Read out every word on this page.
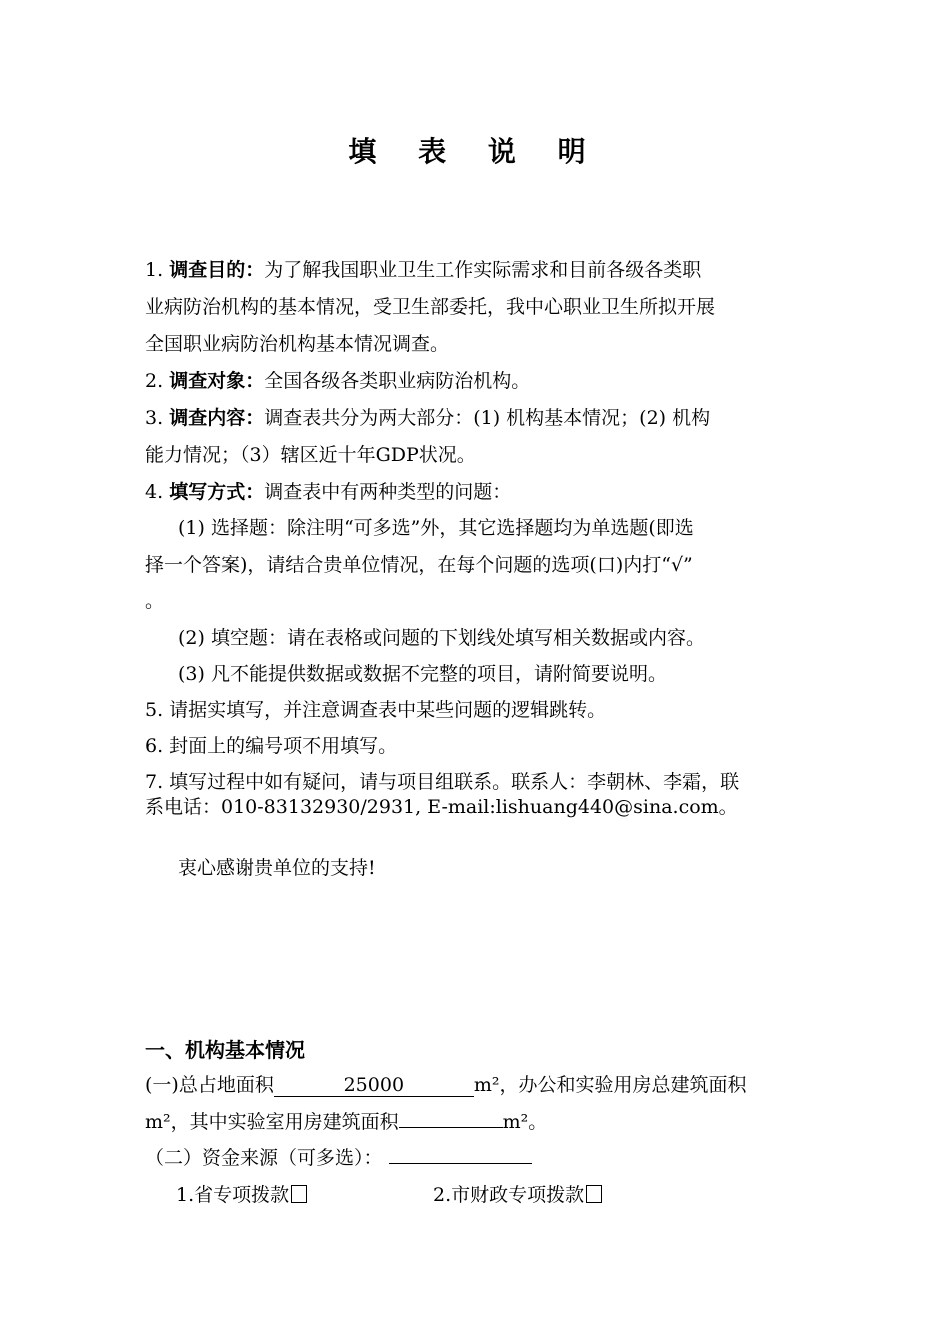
填 表 说 明
1. 调查目的：为了解我国职业卫生工作实际需求和目前各级各类职
业病防治机构的基本情况，受卫生部委托，我中心职业卫生所拟开展
全国职业病防治机构基本情况调查。
2. 调查对象：全国各级各类职业病防治机构。
3. 调查内容：调查表共分为两大部分：(1) 机构基本情况；(2) 机构
能力情况；（3）辖区近十年GDP状况。
4. 填写方式：调查表中有两种类型的问题：
(1) 选择题：除注明“可多选”外，其它选择题均为单选题(即选
择一个答案)，请结合贵单位情况，在每个问题的选项(口)内打“√”
。
(2) 填空题：请在表格或问题的下划线处填写相关数据或内容。
(3) 凡不能提供数据或数据不完整的项目，请附简要说明。
5. 请据实填写，并注意调查表中某些问题的逻辑跳转。
6. 封面上的编号项不用填写。
7. 填写过程中如有疑问，请与项目组联系。联系人：李朝林、李霜，联
系电话：010-83132930/2931, E-mail:lishuang440@sina.com。
衷心感谢贵单位的支持!
一、机构基本情况
(一)总占地面积	25000	m²，办公和实验用房总建筑面积
m²，其中实验室用房建筑面积	m²。
（二）资金来源（可多选）：
1.省专项拨款	2.市财政专项拨款
